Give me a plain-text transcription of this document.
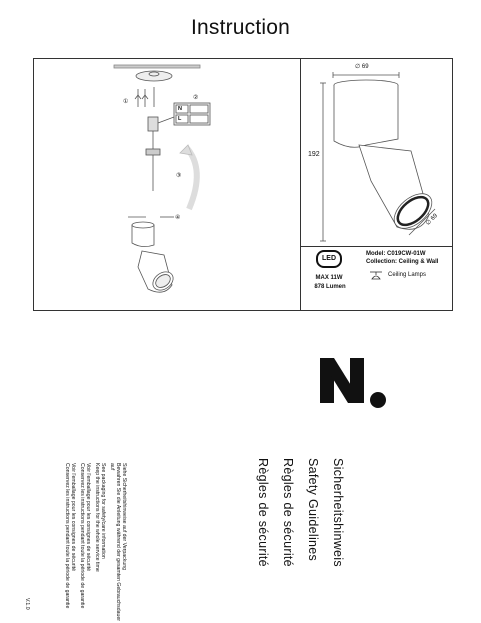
Instruction
①
②
③
④
N
L
∅ 69
192
∅ 69
LED
MAX 11W
878 Lumen
Model: C019CW-01W
Collection: Ceiling & Wall
Ceiling Lamps
Sicherheitshinweis
Safety Guidelines
Règles de sécurité
Règles de sécurité
Siehe Sicherheitshinweise auf der Verpackung
Bewahren Sie die Anleitung während der gesamten Gebrauchsdauer
auf
See packaging for safety/care information
Keep the instructions for the whole service time
Voir l'emballage pour les consignes de sécurité
Conservez les instructions pendant toute la période de garantie
Voir l'emballage pour les consignes de sécurité
Conservez les instructions pendant toute la période de garantie
V.1.0
